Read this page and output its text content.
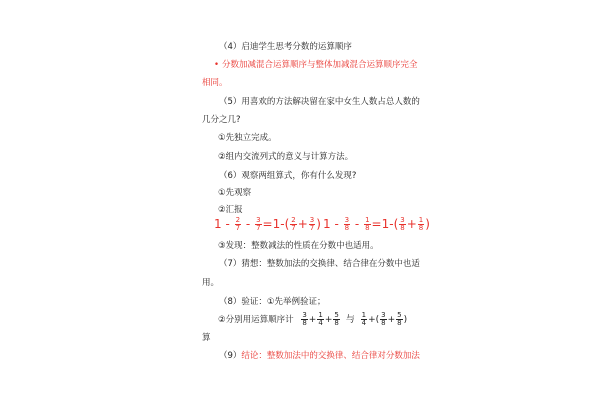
（4）启迪学生思考分数的运算顺序
• 分数加减混合运算顺序与整体加减混合运算顺序完全
相同。
（5）用喜欢的方法解决留在家中女生人数占总人数的
几分之几?
①先独立完成。
②组内交流列式的意义与计算方法。
（6）观察两组算式，你有什么发现?
①先观察
②汇报
$1 - \frac{2}{7} - \frac{3}{7} =1-( \frac{2}{7} + \frac{3}{7}$ ) $1 - \frac{3}{8} - \frac{1}{8} =1-( \frac{3}{8} + \frac{1}{8}$ )
③发现：整数减法的性质在分数中也适用。
（7）猜想：整数加法的交换律、结合律在分数中也适
用。
（8）验证：①先举例验证；
②分别用运算顺序计 $\frac{3}{8} + \frac{1}{4} + \frac{5}{8}$ 与 $\frac{1}{4}$ +( $\frac{3}{8} + \frac{5}{8}$ )
算
（9）结论：整数加法中的交换律、结合律对分数加法
